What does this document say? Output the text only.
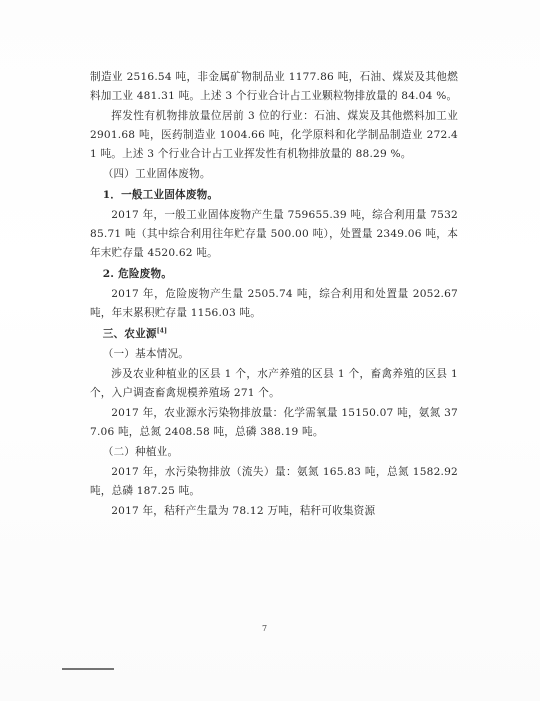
制造业 2516.54 吨，非金属矿物制品业 1177.86 吨，石油、煤炭及其他燃料加工业 481.31 吨。上述 3 个行业合计占工业颗粒物排放量的 84.04 %。

挥发性有机物排放量位居前 3 位的行业：石油、煤炭及其他燃料加工业 2901.68 吨，医药制造业 1004.66 吨，化学原料和化学制品制造业 272.41 吨。上述 3 个行业合计占工业挥发性有机物排放量的 88.29 %。

（四）工业固体废物。

1．一般工业固体废物。

2017 年，一般工业固体废物产生量 759655.39 吨，综合利用量 753285.71 吨（其中综合利用往年贮存量 500.00 吨），处置量 2349.06 吨，本年末贮存量 4520.62 吨。

2. 危险废物。

2017 年，危险废物产生量 2505.74 吨，综合利用和处置量 2052.67 吨，年末累积贮存量 1156.03 吨。

三、农业源[4]

（一）基本情况。

涉及农业种植业的区县 1 个，水产养殖的区县 1 个，畜禽养殖的区县 1 个，入户调查畜禽规模养殖场 271 个。

2017 年，农业源水污染物排放量：化学需氧量 15150.07 吨，氨氮 377.06 吨，总氮 2408.58 吨，总磷 388.19 吨。

（二）种植业。

2017 年，水污染物排放（流失）量：氨氮 165.83 吨，总氮 1582.92 吨，总磷 187.25 吨。

2017 年，秸秆产生量为 78.12 万吨，秸秆可收集资源

7
